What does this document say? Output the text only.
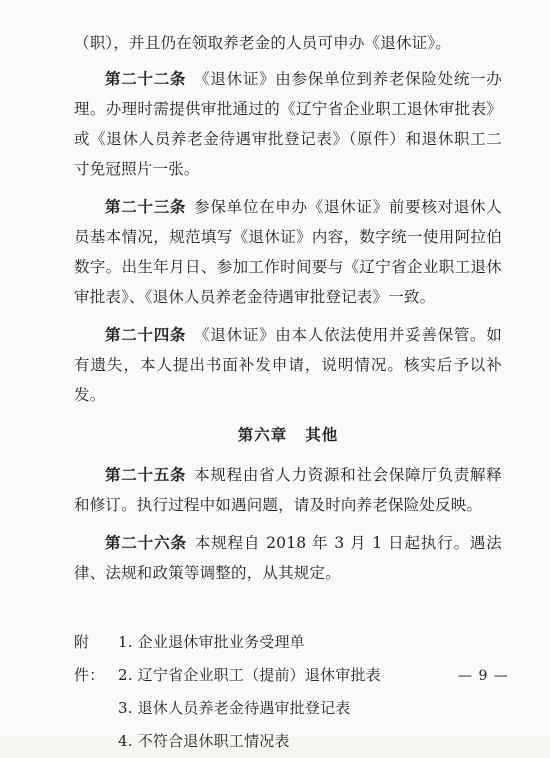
（职），并且仍在领取养老金的人员可申办《退休证》。

第二十二条 《退休证》由参保单位到养老保险处统一办理。办理时需提供审批通过的《辽宁省企业职工退休审批表》或《退休人员养老金待遇审批登记表》（原件）和退休职工二寸免冠照片一张。

第二十三条 参保单位在申办《退休证》前要核对退休人员基本情况，规范填写《退休证》内容，数字统一使用阿拉伯数字。出生年月日、参加工作时间要与《辽宁省企业职工退休审批表》、《退休人员养老金待遇审批登记表》一致。

第二十四条 《退休证》由本人依法使用并妥善保管。如有遗失，本人提出书面补发申请，说明情况。核实后予以补发。

第六章 其他

第二十五条 本规程由省人力资源和社会保障厅负责解释和修订。执行过程中如遇问题，请及时向养老保险处反映。

第二十六条 本规程自 2018 年 3 月 1 日起执行。遇法律、法规和政策等调整的，从其规定。

附件：
1. 企业退休审批业务受理单
2. 辽宁省企业职工（提前）退休审批表
3. 退休人员养老金待遇审批登记表
4. 不符合退休职工情况表
— 9 —
